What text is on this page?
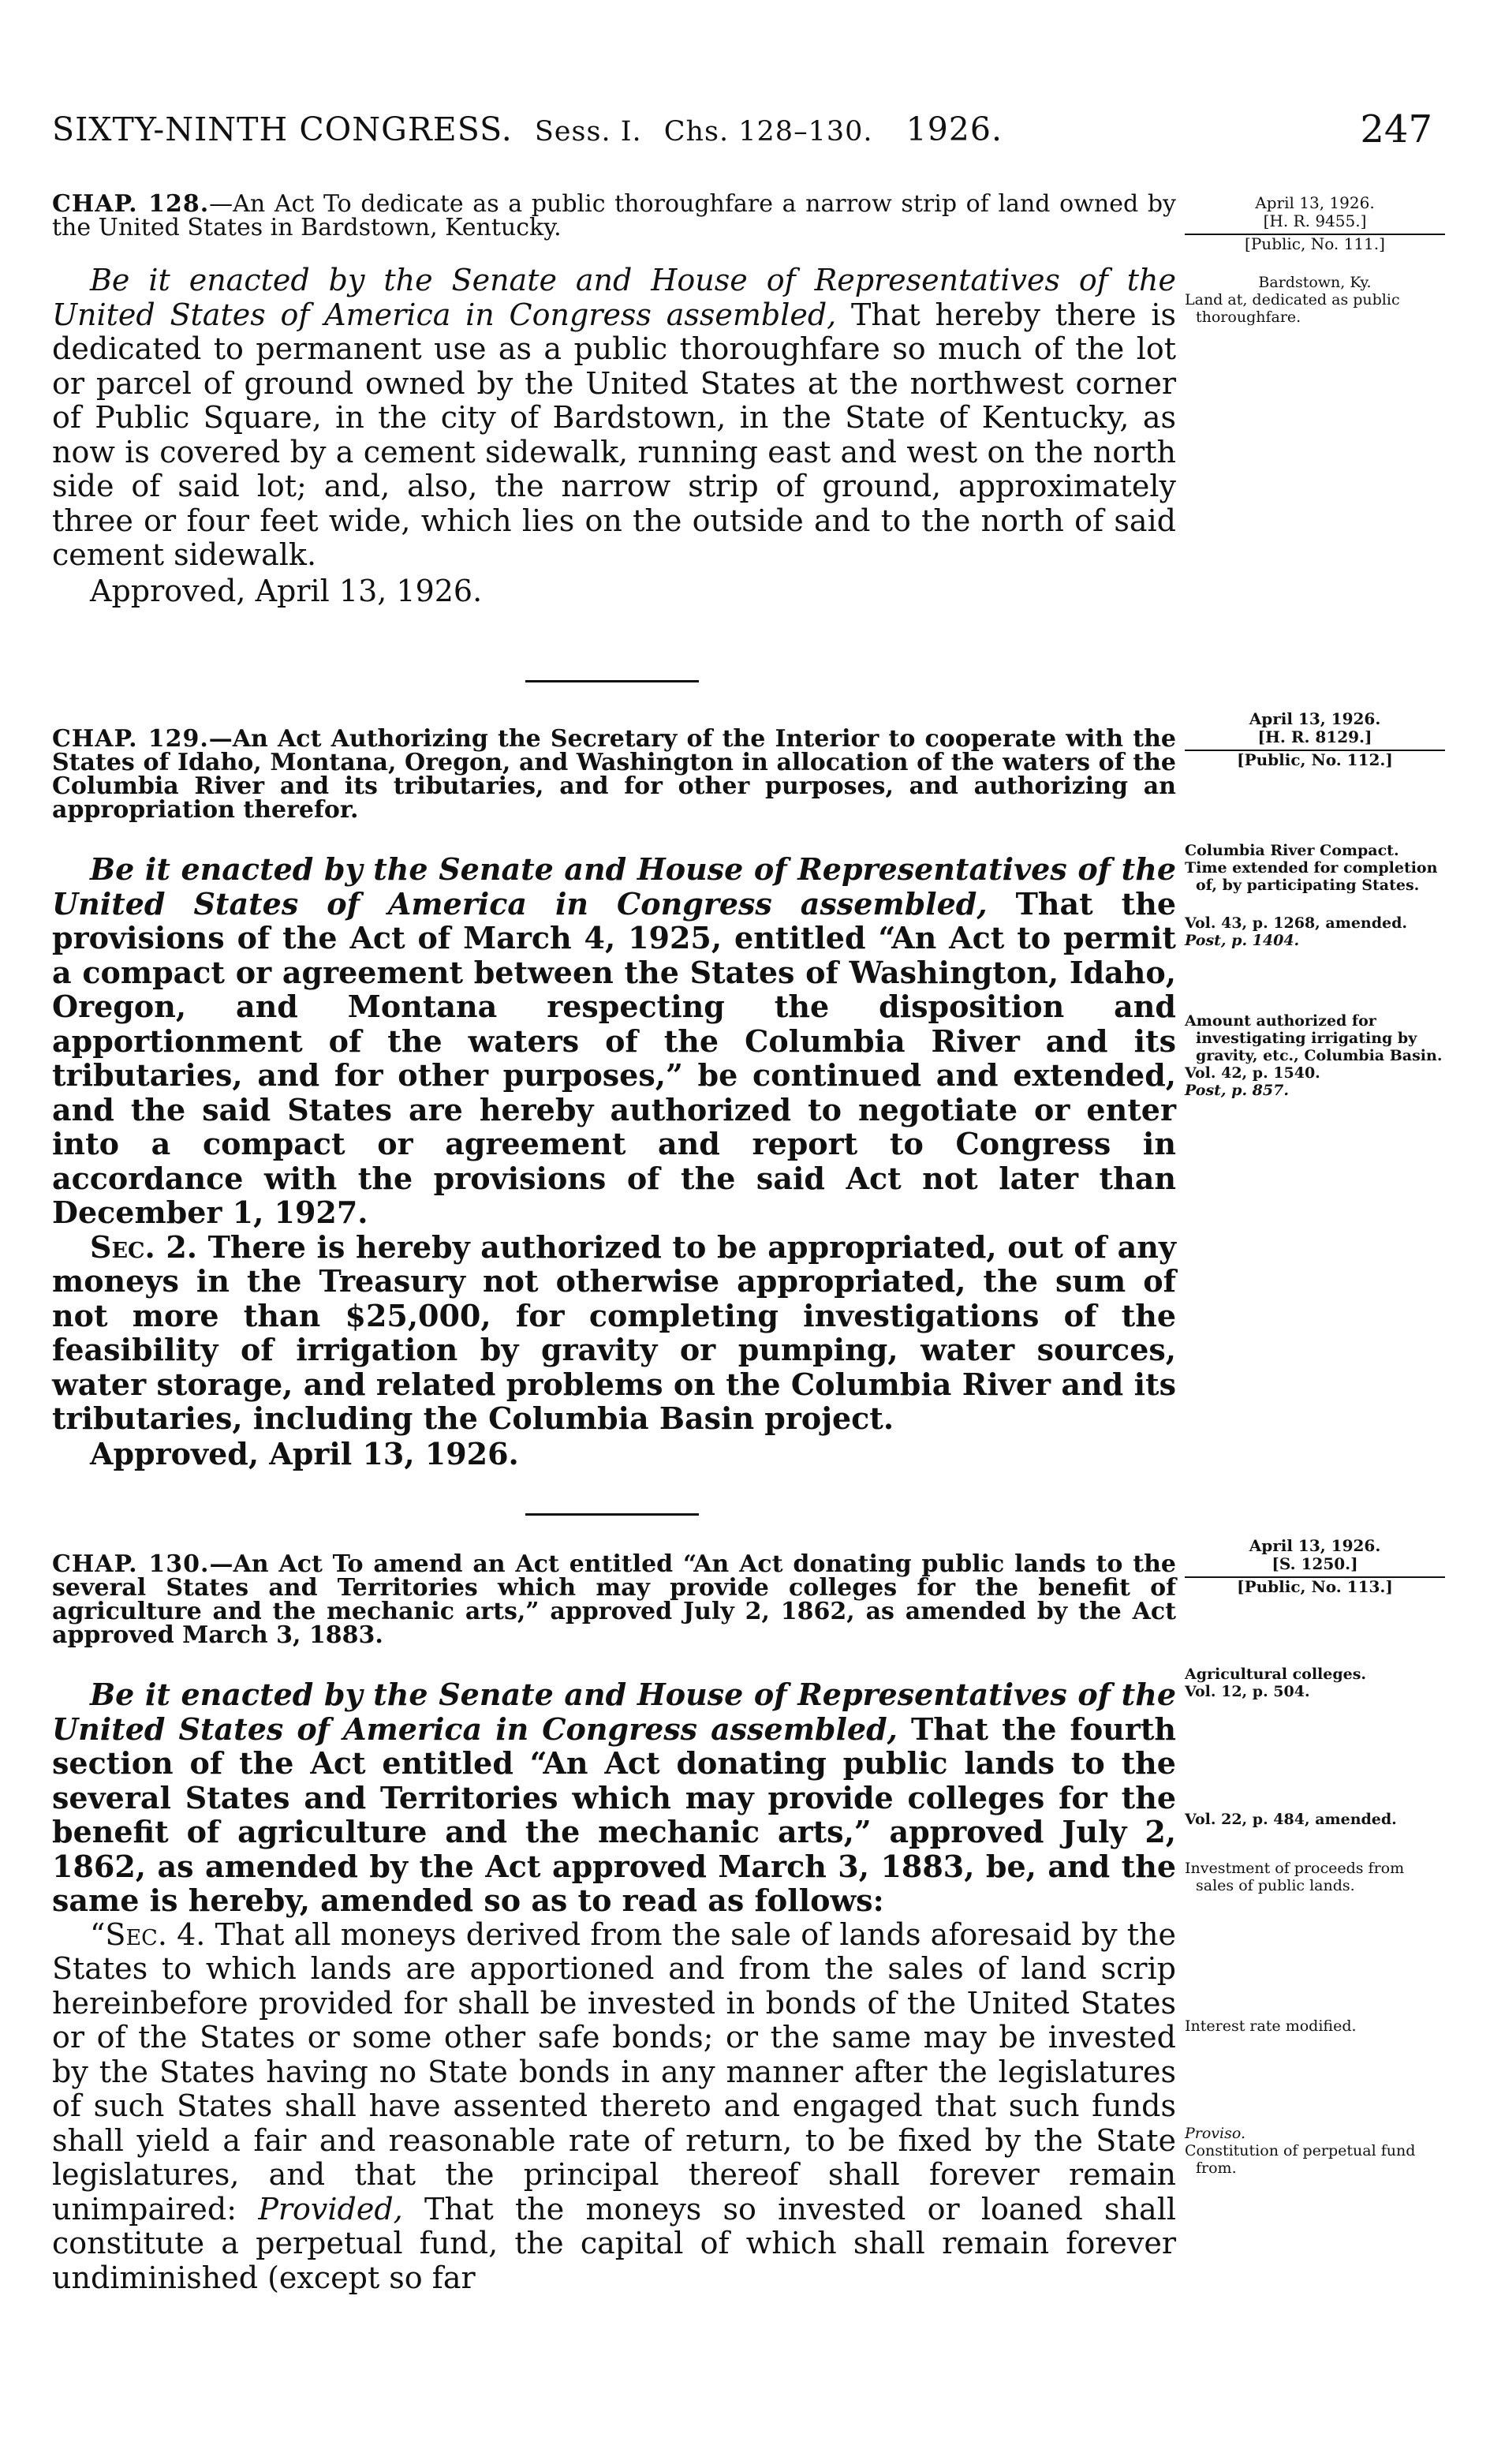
SIXTY-NINTH CONGRESS. Sess. I. Chs. 128–130. 1926.	247

CHAP. 128.—An Act To dedicate as a public thoroughfare a narrow strip of land owned by the United States in Bardstown, Kentucky.

Be it enacted by the Senate and House of Representatives of the United States of America in Congress assembled, That hereby there is dedicated to permanent use as a public thoroughfare so much of the lot or parcel of ground owned by the United States at the northwest corner of Public Square, in the city of Bardstown, in the State of Kentucky, as now is covered by a cement sidewalk, running east and west on the north side of said lot; and, also, the narrow strip of ground, approximately three or four feet wide, which lies on the outside and to the north of said cement sidewalk.

Approved, April 13, 1926.

April 13, 1926.
[H. R. 9455.]
[Public, No. 111.]

Bardstown, Ky.

Land at, dedicated as public thoroughfare.

CHAP. 129.—An Act Authorizing the Secretary of the Interior to cooperate with the States of Idaho, Montana, Oregon, and Washington in allocation of the waters of the Columbia River and its tributaries, and for other purposes, and authorizing an appropriation therefor.

Be it enacted by the Senate and House of Representatives of the United States of America in Congress assembled, That the provisions of the Act of March 4, 1925, entitled “An Act to permit a compact or agreement between the States of Washington, Idaho, Oregon, and Montana respecting the disposition and apportionment of the waters of the Columbia River and its tributaries, and for other purposes,” be continued and extended, and the said States are hereby authorized to negotiate or enter into a compact or agreement and report to Congress in accordance with the provisions of the said Act not later than December 1, 1927.

Sec. 2. There is hereby authorized to be appropriated, out of any moneys in the Treasury not otherwise appropriated, the sum of not more than $25,000, for completing investigations of the feasibility of irrigation by gravity or pumping, water sources, water storage, and related problems on the Columbia River and its tributaries, including the Columbia Basin project.

Approved, April 13, 1926.

April 13, 1926.
[H. R. 8129.]
[Public, No. 112.]

Columbia River Compact.

Time extended for completion of, by participating States.

Vol. 43, p. 1268, amended.

Post, p. 1404.

Amount authorized for investigating irrigating by gravity, etc., Columbia Basin.

Vol. 42, p. 1540.

Post, p. 857.

CHAP. 130.—An Act To amend an Act entitled “An Act donating public lands to the several States and Territories which may provide colleges for the benefit of agriculture and the mechanic arts,” approved July 2, 1862, as amended by the Act approved March 3, 1883.

Be it enacted by the Senate and House of Representatives of the United States of America in Congress assembled, That the fourth section of the Act entitled “An Act donating public lands to the several States and Territories which may provide colleges for the benefit of agriculture and the mechanic arts,” approved July 2, 1862, as amended by the Act approved March 3, 1883, be, and the same is hereby, amended so as to read as follows:

“Sec. 4. That all moneys derived from the sale of lands aforesaid by the States to which lands are apportioned and from the sales of land scrip hereinbefore provided for shall be invested in bonds of the United States or of the States or some other safe bonds; or the same may be invested by the States having no State bonds in any manner after the legislatures of such States shall have assented thereto and engaged that such funds shall yield a fair and reasonable rate of return, to be fixed by the State legislatures, and that the principal thereof shall forever remain unimpaired: Provided, That the moneys so invested or loaned shall constitute a perpetual fund, the capital of which shall remain forever undiminished (except so far

April 13, 1926.
[S. 1250.]
[Public, No. 113.]

Agricultural colleges.

Vol. 12, p. 504.

Vol. 22, p. 484, amended.

Investment of proceeds from sales of public lands.

Interest rate modified.

Proviso.

Constitution of perpetual fund from.
